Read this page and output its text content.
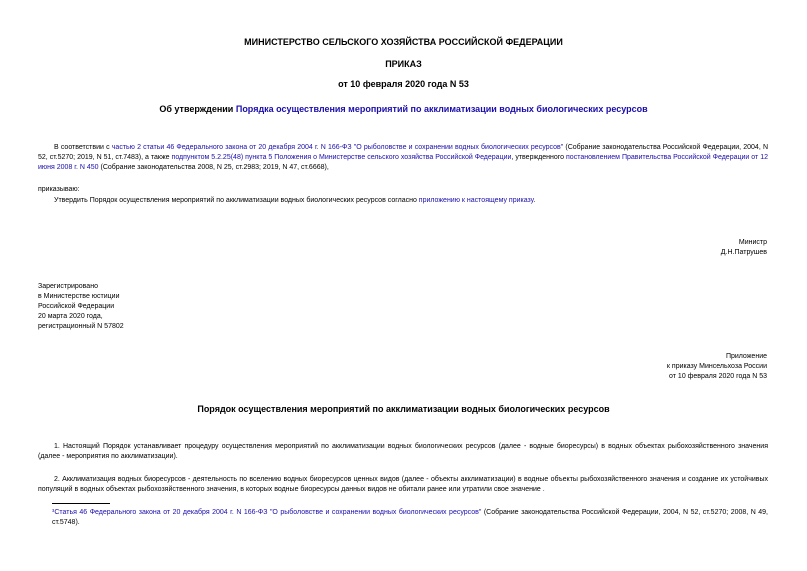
МИНИСТЕРСТВО СЕЛЬСКОГО ХОЗЯЙСТВА РОССИЙСКОЙ ФЕДЕРАЦИИ
ПРИКАЗ
от 10 февраля 2020 года N 53
Об утверждении Порядка осуществления мероприятий по акклиматизации водных биологических ресурсов
В соответствии с частью 2 статьи 46 Федерального закона от 20 декабря 2004 г. N 166-ФЗ "О рыболовстве и сохранении водных биологических ресурсов" (Собрание законодательства Российской Федерации, 2004, N 52, ст.5270; 2019, N 51, ст.7483), а также подпунктом 5.2.25(48) пункта 5 Положения о Министерстве сельского хозяйства Российской Федерации, утвержденного постановлением Правительства Российской Федерации от 12 июня 2008 г. N 450 (Собрание законодательства 2008, N 25, ст.2983; 2019, N 47, ст.6668),
приказываю:
Утвердить Порядок осуществления мероприятий по акклиматизации водных биологических ресурсов согласно приложению к настоящему приказу.
Министр
Д.Н.Патрушев
Зарегистрировано
в Министерстве юстиции
Российской Федерации
20 марта 2020 года,
регистрационный N 57802
Приложение
к приказу Минсельхоза России
от 10 февраля 2020 года N 53
Порядок осуществления мероприятий по акклиматизации водных биологических ресурсов
1. Настоящий Порядок устанавливает процедуру осуществления мероприятий по акклиматизации водных биологических ресурсов (далее - водные биоресурсы) в водных объектах рыбохозяйственного значения (далее - мероприятия по акклиматизации).
2. Акклиматизация водных биоресурсов - деятельность по вселению водных биоресурсов ценных видов (далее - объекты акклиматизации) в водные объекты рыбохозяйственного значения и создание их устойчивых популяций в водных объектах рыбохозяйственного значения, в которых водные биоресурсы данных видов не обитали ранее или утратили свое значение .
¹Статья 46 Федерального закона от 20 декабря 2004 г. N 166-ФЗ "О рыболовстве и сохранении водных биологических ресурсов" (Собрание законодательства Российской Федерации, 2004, N 52, ст.5270; 2008, N 49, ст.5748).
